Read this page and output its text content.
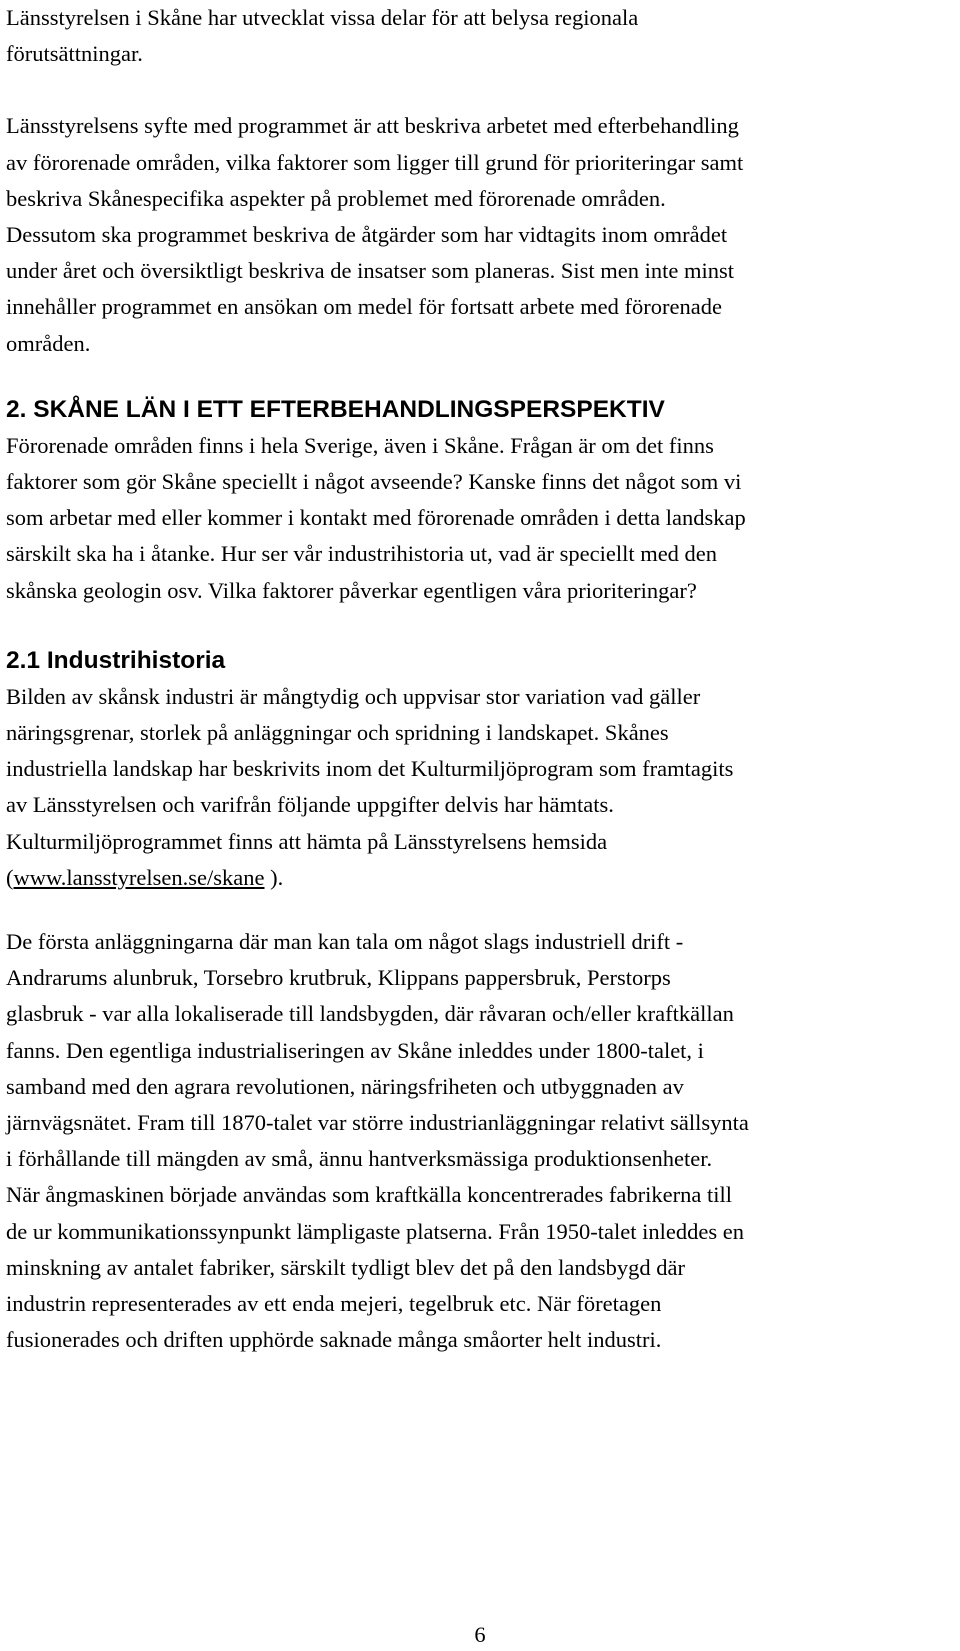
Länsstyrelsen i Skåne har utvecklat vissa delar för att belysa regionala
förutsättningar.

Länsstyrelsens syfte med programmet är att beskriva arbetet med efterbehandling
av förorenade områden, vilka faktorer som ligger till grund för prioriteringar samt
beskriva Skånespecifika aspekter på problemet med förorenade områden.
Dessutom ska programmet beskriva de åtgärder som har vidtagits inom området
under året och översiktligt beskriva de insatser som planeras. Sist men inte minst
innehåller programmet en ansökan om medel för fortsatt arbete med förorenade
områden.

2. SKÅNE LÄN I ETT EFTERBEHANDLINGSPERSPEKTIV

Förorenade områden finns i hela Sverige, även i Skåne. Frågan är om det finns
faktorer som gör Skåne speciellt i något avseende? Kanske finns det något som vi
som arbetar med eller kommer i kontakt med förorenade områden i detta landskap
särskilt ska ha i åtanke. Hur ser vår industrihistoria ut, vad är speciellt med den
skånska geologin osv. Vilka faktorer påverkar egentligen våra prioriteringar?

2.1 Industrihistoria

Bilden av skånsk industri är mångtydig och uppvisar stor variation vad gäller
näringsgrenar, storlek på anläggningar och spridning i landskapet. Skånes
industriella landskap har beskrivits inom det Kulturmiljöprogram som framtagits
av Länsstyrelsen och varifrån följande uppgifter delvis har hämtats.
Kulturmiljöprogrammet finns att hämta på Länsstyrelsens hemsida
(www.lansstyrelsen.se/skane ).

De första anläggningarna där man kan tala om något slags industriell drift -
Andrarums alunbruk, Torsebro krutbruk, Klippans pappersbruk, Perstorps
glasbruk - var alla lokaliserade till landsbygden, där råvaran och/eller kraftkällan
fanns. Den egentliga industrialiseringen av Skåne inleddes under 1800-talet, i
samband med den agrara revolutionen, näringsfriheten och utbyggnaden av
järnvägsnätet. Fram till 1870-talet var större industrianläggningar relativt sällsynta
i förhållande till mängden av små, ännu hantverksmässiga produktionsenheter.
När ångmaskinen började användas som kraftkälla koncentrerades fabrikerna till
de ur kommunikationssynpunkt lämpligaste platserna. Från 1950-talet inleddes en
minskning av antalet fabriker, särskilt tydligt blev det på den landsbygd där
industrin representerades av ett enda mejeri, tegelbruk etc. När företagen
fusionerades och driften upphörde saknade många småorter helt industri.

6
